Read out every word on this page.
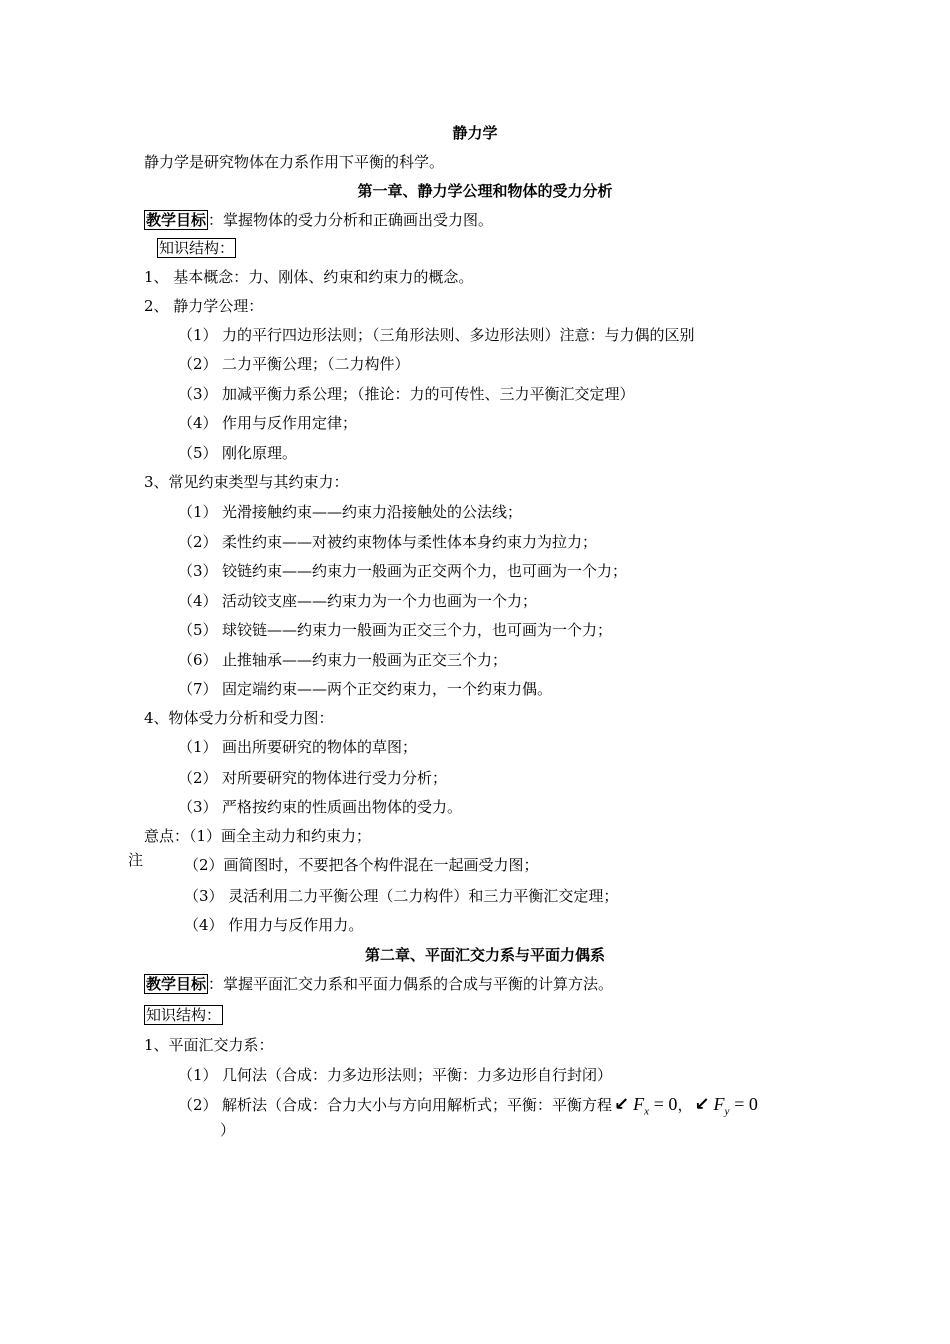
静力学
静力学是研究物体在力系作用下平衡的科学。
第一章、静力学公理和物体的受力分析
教学目标 ：掌握物体的受力分析和正确画出受力图。
知识结构：
1、 基本概念：力、刚体、约束和约束力的概念。
2、 静力学公理：
（1） 力的平行四边形法则；（三角形法则、多边形法则）注意：与力偶的区别
（2） 二力平衡公理；（二力构件）
（3） 加减平衡力系公理；（推论：力的可传性、三力平衡汇交定理）
（4） 作用与反作用定律；
（5） 刚化原理。
3、常见约束类型与其约束力：
（1） 光滑接触约束——约束力沿接触处的公法线；
（2） 柔性约束——对被约束物体与柔性体本身约束力为拉力；
（3） 铰链约束——约束力一般画为正交两个力，也可画为一个力；
（4） 活动铰支座——约束力为一个力也画为一个力；
（5） 球铰链——约束力一般画为正交三个力，也可画为一个力；
（6） 止推轴承——约束力一般画为正交三个力；
（7） 固定端约束——两个正交约束力，一个约束力偶。
4、物体受力分析和受力图：
（1） 画出所要研究的物体的草图；
（2） 对所要研究的物体进行受力分析；
（3） 严格按约束的性质画出物体的受力。
意点：（1）画全主动力和约束力；
注	（2）画简图时，不要把各个构件混在一起画受力图；
（3） 灵活利用二力平衡公理（二力构件）和三力平衡汇交定理；
（4） 作用力与反作用力。
第二章、平面汇交力系与平面力偶系
教学目标 ：掌握平面汇交力系和平面力偶系的合成与平衡的计算方法。
知识结构：
1、平面汇交力系：
（1） 几何法（合成：力多边形法则；平衡：力多边形自行封闭）
（2） 解析法（合成：合力大小与方向用解析式；平衡：平衡方程 ↙ $F_x = 0$， ↙ $F_y = 0$
）
